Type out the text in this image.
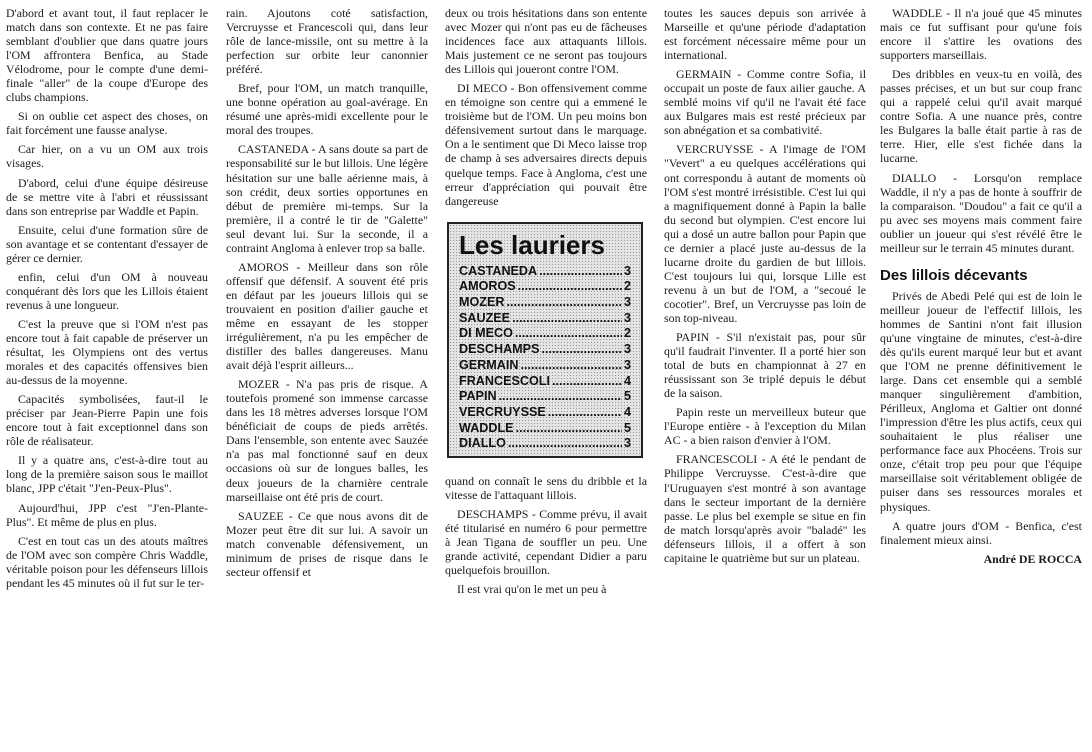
D'abord et avant tout, il faut replacer le match dans son contexte. Et ne pas faire semblant d'oublier que dans quatre jours l'OM affrontera Benfica, au Stade Vélodrome, pour le compte d'une demi-finale "aller" de la coupe d'Europe des clubs champions.

Si on oublie cet aspect des choses, on fait forcément une fausse analyse.

Car hier, on a vu un OM aux trois visages.

D'abord, celui d'une équipe désireuse de se mettre vite à l'abri et réussissant dans son entreprise par Waddle et Papin.

Ensuite, celui d'une formation sûre de son avantage et se contentant d'essayer de gérer ce dernier.

enfin, celui d'un OM à nouveau conquérant dès lors que les Lillois étaient revenus à une longueur.

C'est la preuve que si l'OM n'est pas encore tout à fait capable de préserver un résultat, les Olympiens ont des vertus morales et des capacités offensives bien au-dessus de la moyenne.

Capacités symbolisées, faut-il le préciser par Jean-Pierre Papin une fois encore tout à fait exceptionnel dans son rôle de réalisateur.

Il y a quatre ans, c'est-à-dire tout au long de la première saison sous le maillot blanc, JPP c'était "J'en-Peux-Plus".

Aujourd'hui, JPP c'est "J'en-Plante-Plus". Et même de plus en plus.

C'est en tout cas un des atouts maîtres de l'OM avec son compère Chris Waddle, véritable poison pour les défenseurs lillois pendant les 45 minutes où il fut sur le ter-

rain. Ajoutons coté satisfaction, Vercruysse et Francescoli qui, dans leur rôle de lance-missile, ont su mettre à la perfection sur orbite leur canonnier préféré.

Bref, pour l'OM, un match tranquille, une bonne opération au goal-avérage. En résumé une après-midi excellente pour le moral des troupes.

CASTANEDA - A sans doute sa part de responsabilité sur le but lillois. Une légère hésitation sur une balle aérienne mais, à son crédit, deux sorties opportunes en début de première mi-temps. Sur la première, il a contré le tir de "Galette" seul devant lui. Sur la seconde, il a contraint Angloma à enlever trop sa balle.

AMOROS - Meilleur dans son rôle offensif que défensif. A souvent été pris en défaut par les joueurs lillois qui se trouvaient en position d'ailier gauche et même en essayant de les stopper irrégulièrement, n'a pu les empêcher de distiller des balles dangereuses. Manu avait déjà l'esprit ailleurs...

MOZER - N'a pas pris de risque. A toutefois promené son immense carcasse dans les 18 mètres adverses lorsque l'OM bénéficiait de coups de pieds arrêtés. Dans l'ensemble, son entente avec Sauzée n'a pas mal fonctionné sauf en deux occasions où sur de longues balles, les deux joueurs de la charnière centrale marseillaise ont été pris de court.

SAUZEE - Ce que nous avons dit de Mozer peut être dit sur lui. A savoir un match convenable défensivement, un minimum de prises de risque dans le secteur offensif et

deux ou trois hésitations dans son entente avec Mozer qui n'ont pas eu de fâcheuses incidences face aux attaquants lillois. Mais justement ce ne seront pas toujours des Lillois qui joueront contre l'OM.

DI MECO - Bon offensivement comme en témoigne son centre qui a emmené le troisième but de l'OM. Un peu moins bon défensivement surtout dans le marquage. On a le sentiment que Di Meco laisse trop de champ à ses adversaires directs depuis quelque temps. Face à Angloma, c'est une erreur d'appréciation qui pouvait être dangereuse

Les lauriers
CASTANEDA .....	3
AMOROS .....	2
MOZER .....	3
SAUZEE .....	3
DI MECO .....	2
DESCHAMPS .....	3
GERMAIN .....	3
FRANCESCOLI .....	4
PAPIN .....	5
VERCRUYSSE .....	4
WADDLE .....	5
DIALLO .....	3

quand on connaît le sens du dribble et la vitesse de l'attaquant lillois.

DESCHAMPS - Comme prévu, il avait été titularisé en numéro 6 pour permettre à Jean Tigana de souffler un peu. Une grande activité, cependant Didier a paru quelquefois brouillon.

Il est vrai qu'on le met un peu à

toutes les sauces depuis son arrivée à Marseille et qu'une période d'adaptation est forcément nécessaire même pour un international.

GERMAIN - Comme contre Sofia, il occupait un poste de faux ailier gauche. A semblé moins vif qu'il ne l'avait été face aux Bulgares mais est resté précieux par son abnégation et sa combativité.

VERCRUYSSE - A l'image de l'OM "Vevert" a eu quelques accélérations qui ont correspondu à autant de moments où l'OM s'est montré irrésistible. C'est lui qui a magnifiquement donné à Papin la balle du second but olympien. C'est encore lui qui a dosé un autre ballon pour Papin que ce dernier a placé juste au-dessus de la lucarne droite du gardien de but lillois. C'est toujours lui qui, lorsque Lille est revenu à un but de l'OM, a "secoué le cocotier". Bref, un Vercruysse pas loin de son top-niveau.

PAPIN - S'il n'existait pas, pour sûr qu'il faudrait l'inventer. Il a porté hier son total de buts en championnat à 27 en réussissant son 3e triplé depuis le début de la saison.

Papin reste un merveilleux buteur que l'Europe entière - à l'exception du Milan AC - a bien raison d'envier à l'OM.

FRANCESCOLI - A été le pendant de Philippe Vercruysse. C'est-à-dire que l'Uruguayen s'est montré à son avantage dans le secteur important de la dernière passe. Le plus bel exemple se situe en fin de match lorsqu'après avoir "baladé" les défenseurs lillois, il a offert à son capitaine le quatrième but sur un plateau.

WADDLE - Il n'a joué que 45 minutes mais ce fut suffisant pour qu'une fois encore il s'attire les ovations des supporters marseillais.

Des dribbles en veux-tu en voilà, des passes précises, et un but sur coup franc qui a rappelé celui qu'il avait marqué contre Sofia. A une nuance près, contre les Bulgares la balle était partie à ras de terre. Hier, elle s'est fichée dans la lucarne.

DIALLO - Lorsqu'on remplace Waddle, il n'y a pas de honte à souffrir de la comparaison. "Doudou" a fait ce qu'il a pu avec ses moyens mais comment faire oublier un joueur qui s'est révélé être le meilleur sur le terrain 45 minutes durant.

Des lillois décevants

Privés de Abedi Pelé qui est de loin le meilleur joueur de l'effectif lillois, les hommes de Santini n'ont fait illusion qu'une vingtaine de minutes, c'est-à-dire dès qu'ils eurent marqué leur but et avant que l'OM ne prenne définitivement le large. Dans cet ensemble qui a semblé manquer singulièrement d'ambition, Périlleux, Angloma et Galtier ont donné l'impression d'être les plus actifs, ceux qui souhaitaient le plus réaliser une performance face aux Phocéens. Trois sur onze, c'était trop peu pour que l'équipe marseillaise soit véritablement obligée de puiser dans ses ressources morales et physiques.

A quatre jours d'OM - Benfica, c'est finalement mieux ainsi.

André DE ROCCA
